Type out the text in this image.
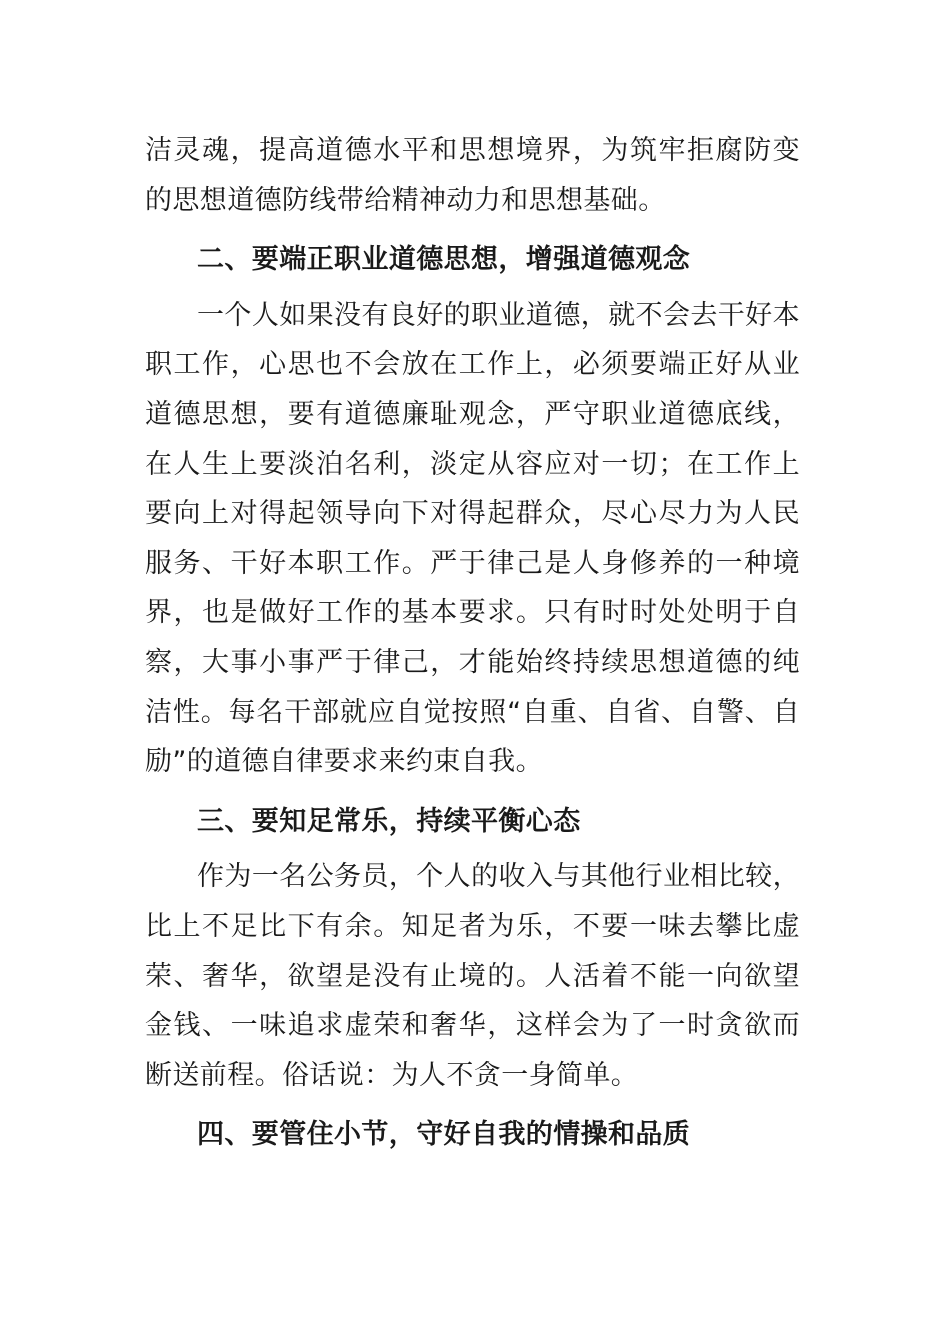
洁灵魂，提高道德水平和思想境界，为筑牢拒腐防变的思想道德防线带给精神动力和思想基础。

二、要端正职业道德思想，增强道德观念

一个人如果没有良好的职业道德，就不会去干好本职工作，心思也不会放在工作上，必须要端正好从业道德思想，要有道德廉耻观念，严守职业道德底线，在人生上要淡泊名利，淡定从容应对一切；在工作上要向上对得起领导向下对得起群众，尽心尽力为人民服务、干好本职工作。严于律己是人身修养的一种境界，也是做好工作的基本要求。只有时时处处明于自察，大事小事严于律己，才能始终持续思想道德的纯洁性。每名干部就应自觉按照“自重、自省、自警、自励”的道德自律要求来约束自我。

三、要知足常乐，持续平衡心态

作为一名公务员，个人的收入与其他行业相比较，比上不足比下有余。知足者为乐，不要一味去攀比虚荣、奢华，欲望是没有止境的。人活着不能一向欲望金钱、一味追求虚荣和奢华，这样会为了一时贪欲而断送前程。俗话说：为人不贪一身简单。

四、要管住小节，守好自我的情操和品质
